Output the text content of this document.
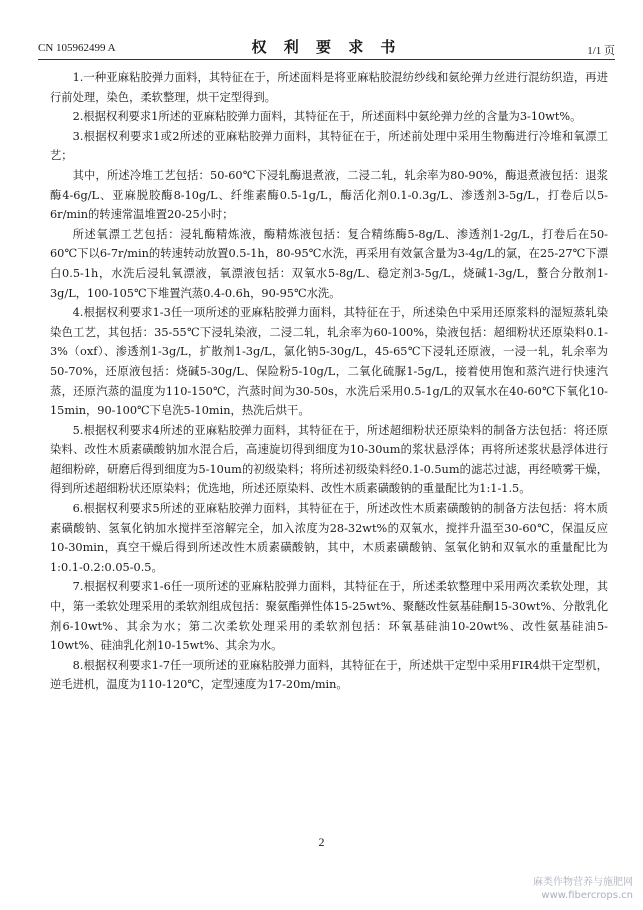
CN 105962499 A	权 利 要 求 书	1/1 页

1.一种亚麻粘胶弹力面料，其特征在于，所述面料是将亚麻粘胶混纺纱线和氨纶弹力丝进行混纺织造，再进行前处理，染色，柔软整理，烘干定型得到。

2.根据权利要求1所述的亚麻粘胶弹力面料，其特征在于，所述面料中氨纶弹力丝的含量为3-10wt%。

3.根据权利要求1或2所述的亚麻粘胶弹力面料，其特征在于，所述前处理中采用生物酶进行冷堆和氧漂工艺；

其中，所述冷堆工艺包括：50-60℃下浸轧酶退煮液，二浸二轧，轧余率为80-90%，酶退煮液包括：退浆酶4-6g/L、亚麻脱胶酶8-10g/L、纤维素酶0.5-1g/L，酶活化剂0.1-0.3g/L、渗透剂3-5g/L，打卷后以5-6r/min的转速常温堆置20-25小时；

所述氧漂工艺包括：浸轧酶精炼液，酶精炼液包括：复合精练酶5-8g/L、渗透剂1-2g/L，打卷后在50-60℃下以6-7r/min的转速转动放置0.5-1h，80-95℃水洗，再采用有效氯含量为3-4g/L的氯，在25-27℃下漂白0.5-1h，水洗后浸轧氧漂液，氧漂液包括：双氧水5-8g/L、稳定剂3-5g/L，烧碱1-3g/L，螯合分散剂1-3g/L，100-105℃下堆置汽蒸0.4-0.6h，90-95℃水洗。

4.根据权利要求1-3任一项所述的亚麻粘胶弹力面料，其特征在于，所述染色中采用还原浆料的湿短蒸轧染染色工艺，其包括：35-55℃下浸轧染液，二浸二轧，轧余率为60-100%，染液包括：超细粉状还原染料0.1-3%（oxf）、渗透剂1-3g/L，扩散剂1-3g/L，氯化钠5-30g/L，45-65℃下浸轧还原液，一浸一轧，轧余率为50-70%，还原液包括：烧碱5-30g/L、保险粉5-10g/L，二氧化硫脲1-5g/L，接着使用饱和蒸汽进行快速汽蒸，还原汽蒸的温度为110-150℃，汽蒸时间为30-50s，水洗后采用0.5-1g/L的双氧水在40-60℃下氧化10-15min，90-100℃下皂洗5-10min，热洗后烘干。

5.根据权利要求4所述的亚麻粘胶弹力面料，其特征在于，所述超细粉状还原染料的制备方法包括：将还原染料、改性木质素磺酸钠加水混合后，高速旋切得到细度为10-30um的浆状悬浮体；再将所述浆状悬浮体进行超细粉碎，研磨后得到细度为5-10um的初级染料；将所述初级染料经0.1-0.5um的滤芯过滤，再经喷雾干燥，得到所述超细粉状还原染料；优选地，所述还原染料、改性木质素磺酸钠的重量配比为1:1-1.5。

6.根据权利要求5所述的亚麻粘胶弹力面料，其特征在于，所述改性木质素磺酸钠的制备方法包括：将木质素磺酸钠、氢氧化钠加水搅拌至溶解完全，加入浓度为28-32wt%的双氧水，搅拌升温至30-60℃，保温反应10-30min，真空干燥后得到所述改性木质素磺酸钠，其中，木质素磺酸钠、氢氧化钠和双氧水的重量配比为1:0.1-0.2:0.05-0.5。

7.根据权利要求1-6任一项所述的亚麻粘胶弹力面料，其特征在于，所述柔软整理中采用两次柔软处理，其中，第一柔软处理采用的柔软剂组成包括：聚氨酯弹性体15-25wt%、聚醚改性氨基硅酮15-30wt%、分散乳化剂6-10wt%、其余为水；第二次柔软处理采用的柔软剂包括：环氧基硅油10-20wt%、改性氨基硅油5-10wt%、硅油乳化剂10-15wt%、其余为水。

8.根据权利要求1-7任一项所述的亚麻粘胶弹力面料，其特征在于，所述烘干定型中采用FIR4烘干定型机，逆毛进机，温度为110-120℃，定型速度为17-20m/min。

2
麻类作物营养与施肥网
www.fibercrops.cn
